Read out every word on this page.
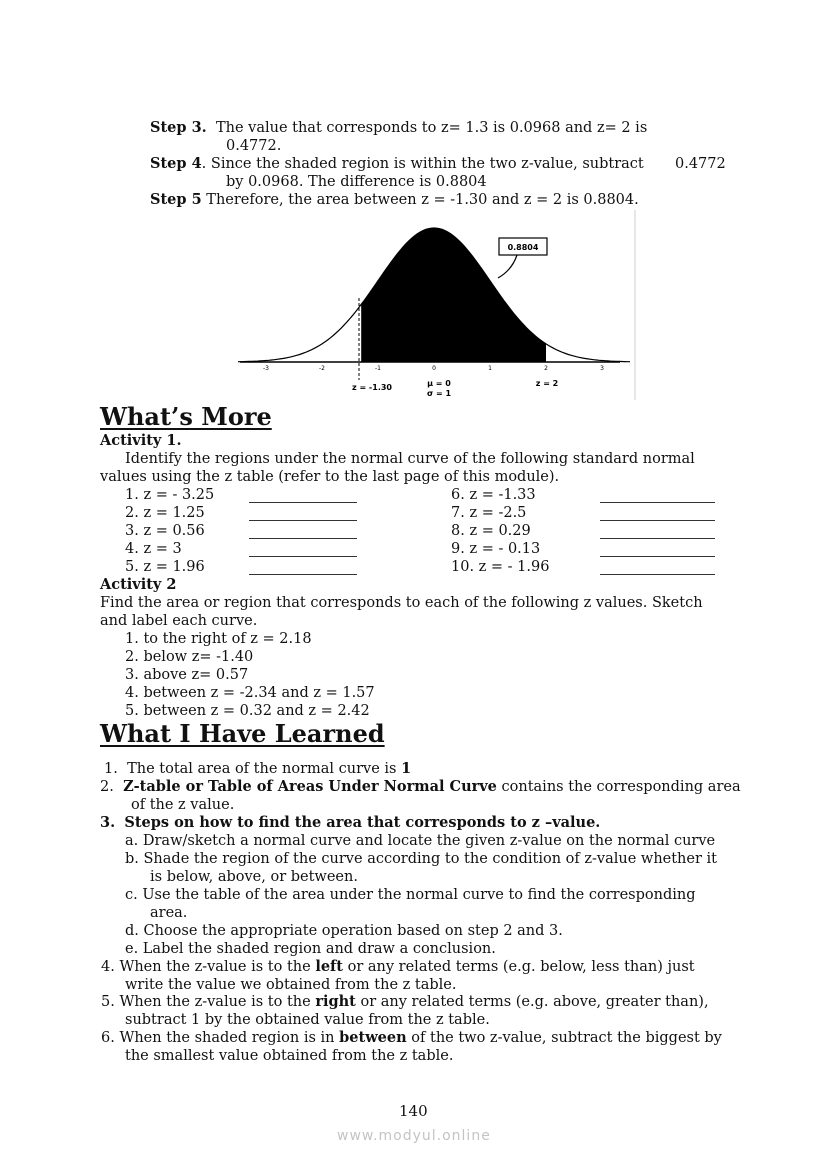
Step 3. The value that corresponds to z= 1.3 is 0.0968 and z= 2 is
0.4772.
Step 4. Since the shaded region is within the two z-value, subtract 0.4772
by 0.0968. The difference is 0.8804
Step 5 Therefore, the area between z = -1.30 and z = 2 is 0.8804.
-3	-2	-1	0	1	2	3
0.8804
z = -1.30	μ = 0
σ = 1
z = 2
What’s More
Activity 1.
Identify the regions under the normal curve of the following standard normal
values using the z table (refer to the last page of this module).
1. z = - 3.25
2. z = 1.25
3. z = 0.56
4. z = 3
5. z = 1.96
6. z = -1.33
7. z = -2.5
8. z = 0.29
9. z = - 0.13
10. z = - 1.96
Activity 2
Find the area or region that corresponds to each of the following z values. Sketch
and label each curve.
1. to the right of z = 2.18
2. below z= -1.40
3. above z= 0.57
4. between z = -2.34 and z = 1.57
5. between z = 0.32 and z = 2.42
What I Have Learned
1. The total area of the normal curve is 1
2. Z-table or Table of Areas Under Normal Curve contains the corresponding area
of the z value.
3. Steps on how to find the area that corresponds to z –value.
a. Draw/sketch a normal curve and locate the given z-value on the normal curve
b. Shade the region of the curve according to the condition of z-value whether it
is below, above, or between.
c. Use the table of the area under the normal curve to find the corresponding
area.
d. Choose the appropriate operation based on step 2 and 3.
e. Label the shaded region and draw a conclusion.
4. When the z-value is to the left or any related terms (e.g. below, less than) just
write the value we obtained from the z table.
5. When the z-value is to the right or any related terms (e.g. above, greater than),
subtract 1 by the obtained value from the z table.
6. When the shaded region is in between of the two z-value, subtract the biggest by
the smallest value obtained from the z table.
140
www.modyul.online
